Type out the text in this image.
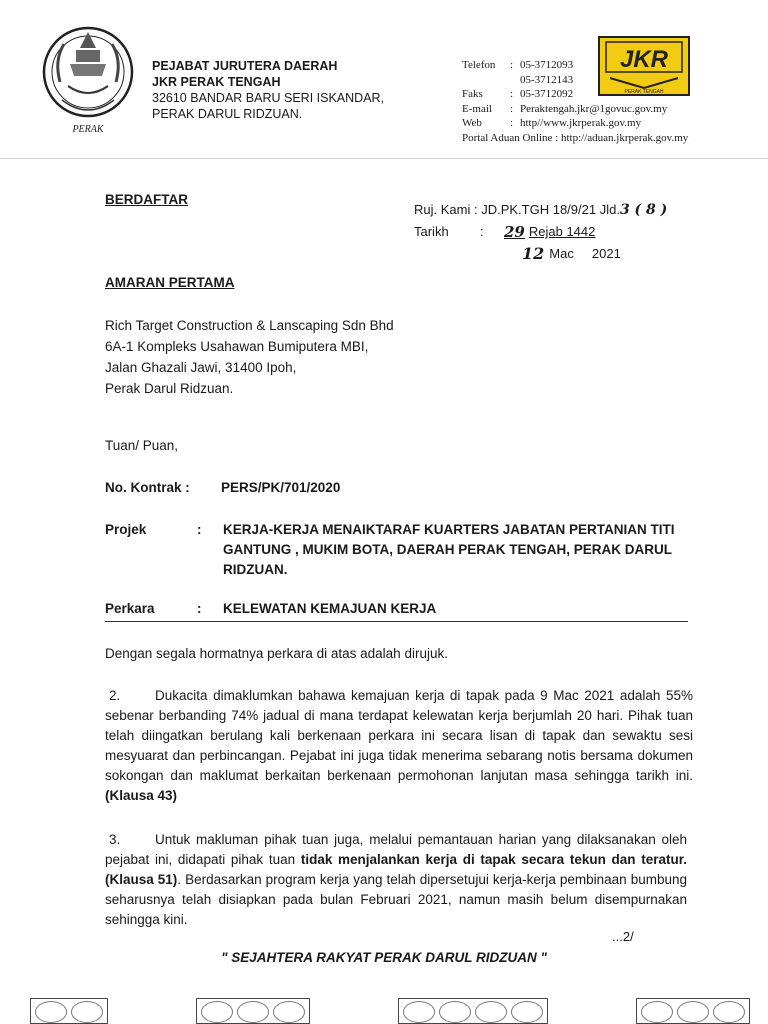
PERAK
PEJABAT JURUTERA DAERAH
JKR PERAK TENGAH
32610 BANDAR BARU SERI ISKANDAR,
PERAK DARUL RIDZUAN.
Telefon	: 05-3712093
05-3712143
Faks	: 05-3712092
E-mail	: Peraktengah.jkr@1govuc.gov.my
Web	: http//www.jkrperak.gov.my
Portal Aduan Online : http://aduan.jkrperak.gov.my
JKR
PERAK TENGAH
BERDAFTAR
Ruj. Kami : JD.PK.TGH 18/9/21 Jld. 3 ( 8 )
Tarikh	:	29 Rejab 1442
12 Mac     2021
AMARAN PERTAMA
Rich Target Construction & Lanscaping Sdn Bhd
6A-1 Kompleks Usahawan Bumiputera MBI,
Jalan Ghazali Jawi, 31400 Ipoh,
Perak Darul Ridzuan.
Tuan/ Puan,
No. Kontrak :	PERS/PK/701/2020
Projek	:	KERJA-KERJA MENAIKTARAF KUARTERS JABATAN PERTANIAN TITI GANTUNG , MUKIM BOTA, DAERAH PERAK TENGAH, PERAK DARUL RIDZUAN.
Perkara	:	KELEWATAN KEMAJUAN KERJA
Dengan segala hormatnya perkara di atas adalah dirujuk.
2.	Dukacita dimaklumkan bahawa kemajuan kerja di tapak pada 9 Mac 2021 adalah 55% sebenar berbanding 74% jadual di mana terdapat kelewatan kerja berjumlah 20 hari. Pihak tuan telah diingatkan berulang kali berkenaan perkara ini secara lisan di tapak dan sewaktu sesi mesyuarat dan perbincangan. Pejabat ini juga tidak menerima sebarang notis bersama dokumen sokongan dan maklumat berkaitan berkenaan permohonan lanjutan masa sehingga tarikh ini. (Klausa 43)
3.	Untuk makluman pihak tuan juga, melalui pemantauan harian yang dilaksanakan oleh pejabat ini, didapati pihak tuan tidak menjalankan kerja di tapak secara tekun dan teratur. (Klausa 51). Berdasarkan program kerja yang telah dipersetujui kerja-kerja pembinaan bumbung seharusnya telah disiapkan pada bulan Februari 2021, namun masih belum disempurnakan sehingga kini.
...2/
" SEJAHTERA RAKYAT PERAK DARUL RIDZUAN "
